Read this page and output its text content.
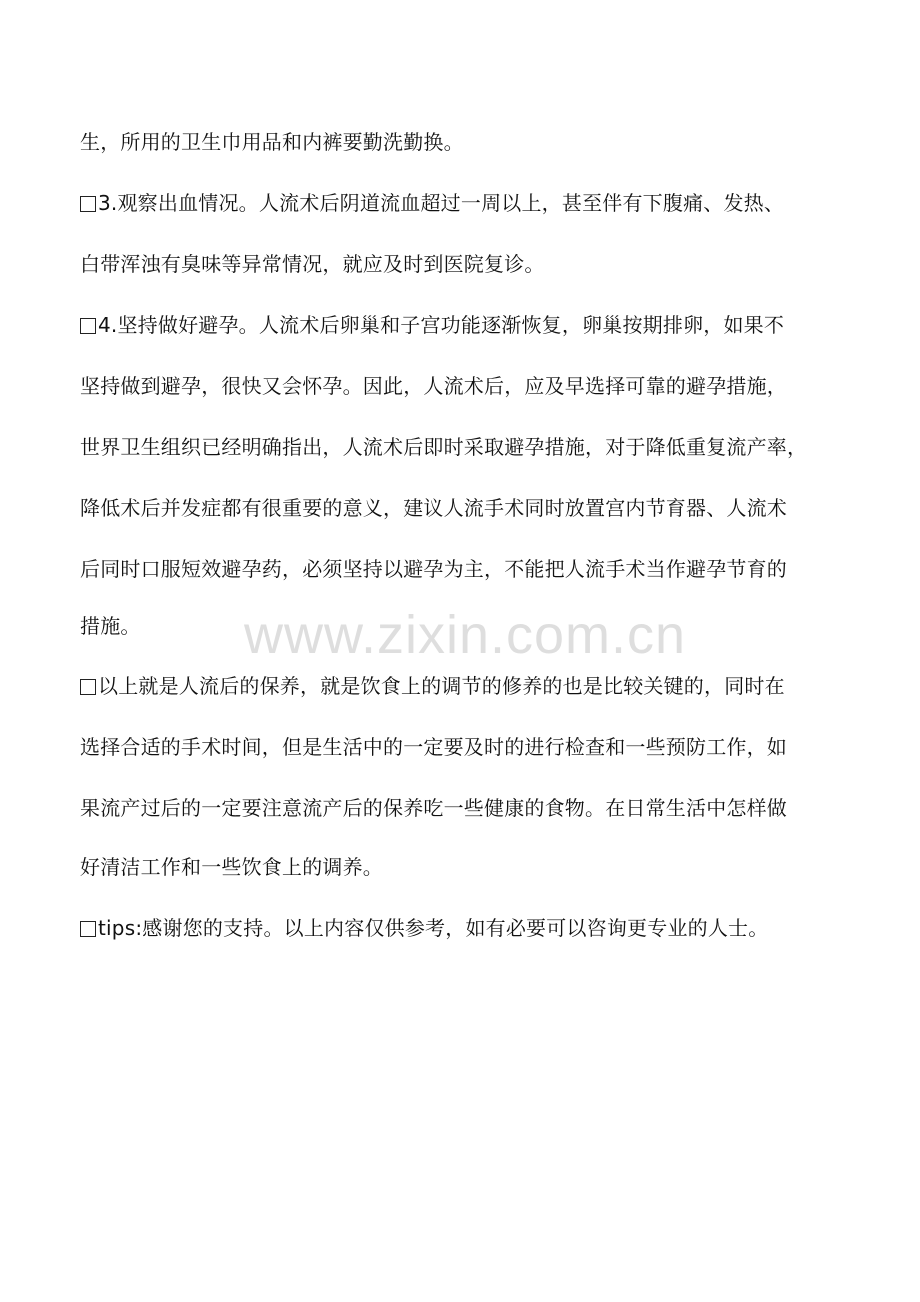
生，所用的卫生巾用品和内裤要勤洗勤换。
3.观察出血情况。人流术后阴道流血超过一周以上，甚至伴有下腹痛、发热、
白带浑浊有臭味等异常情况，就应及时到医院复诊。
4.坚持做好避孕。人流术后卵巢和子宫功能逐渐恢复，卵巢按期排卵，如果不
坚持做到避孕，很快又会怀孕。因此，人流术后，应及早选择可靠的避孕措施，
世界卫生组织已经明确指出，人流术后即时采取避孕措施，对于降低重复流产率，
降低术后并发症都有很重要的意义，建议人流手术同时放置宫内节育器、人流术
后同时口服短效避孕药，必须坚持以避孕为主，不能把人流手术当作避孕节育的
措施。	www.zixin.com.cn
以上就是人流后的保养，就是饮食上的调节的修养的也是比较关键的，同时在
选择合适的手术时间，但是生活中的一定要及时的进行检查和一些预防工作，如
果流产过后的一定要注意流产后的保养吃一些健康的食物。在日常生活中怎样做
好清洁工作和一些饮食上的调养。
tips:感谢您的支持。以上内容仅供参考，如有必要可以咨询更专业的人士。
